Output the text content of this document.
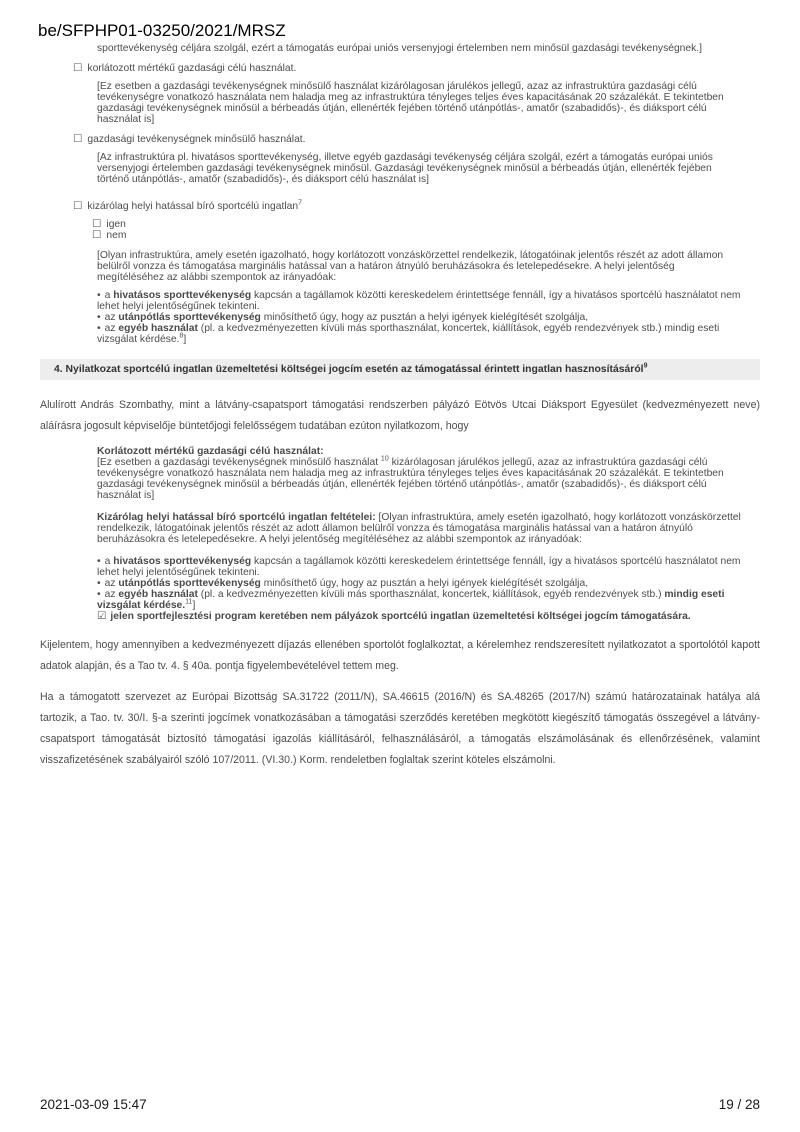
be/SFPHP01-03250/2021/MRSZ
sporttevékenység céljára szolgál, ezért a támogatás európai uniós versenyjogi értelemben nem minősül gazdasági tevékenységnek.]
☐ korlátozott mértékű gazdasági célú használat.
[Ez esetben a gazdasági tevékenységnek minősülő használat kizárólagosan járulékos jellegű, azaz az infrastruktúra gazdasági célú tevékenységre vonatkozó használata nem haladja meg az infrastruktúra tényleges teljes éves kapacitásának 20 százalékát. E tekintetben gazdasági tevékenységnek minősül a bérbeadás útján, ellenérték fejében történő utánpótlás-, amatőr (szabadidős)-, és diáksport célú használat is]
☐ gazdasági tevékenységnek minősülő használat.
[Az infrastruktúra pl. hivatásos sporttevékenység, illetve egyéb gazdasági tevékenység céljára szolgál, ezért a támogatás európai uniós versenyjogi értelemben gazdasági tevékenységnek minősül. Gazdasági tevékenységnek minősül a bérbeadás útján, ellenérték fejében történő utánpótlás-, amatőr (szabadidős)-, és diáksport célú használat is]
☐ kizárólag helyi hatással bíró sportcélú ingatlan$^7$
☐ igen
☐ nem
[Olyan infrastruktúra, amely esetén igazolható, hogy korlátozott vonzáskörzettel rendelkezik, látogatóinak jelentős részét az adott államon belülről vonzza és támogatása marginális hatással van a határon átnyúló beruházásokra és letelepedésekre. A helyi jelentőség megítéléséhez az alábbi szempontok az irányadóak:
• a hivatásos sporttevékenység kapcsán a tagállamok közötti kereskedelem érintettsége fennáll, így a hivatásos sportcélú használatot nem lehet helyi jelentőségűnek tekinteni.
• az utánpótlás sporttevékenység minősíthető úgy, hogy az pusztán a helyi igények kielégítését szolgálja,
• az egyéb használat (pl. a kedvezményezetten kívüli más sporthasználat, koncertek, kiállítások, egyéb rendezvények stb.) mindig eseti vizsgálat kérdése.$^8$]
4. Nyilatkozat sportcélú ingatlan üzemeltetési költségei jogcím esetén az támogatással érintett ingatlan hasznosításáról$^9$
Alulírott András Szombathy, mint a látvány-csapatsport támogatási rendszerben pályázó Eötvös Utcai Diáksport Egyesület (kedvezményezett neve) aláírásra jogosult képviselője büntetőjogi felelősségem tudatában ezúton nyilatkozom, hogy
Korlátozott mértékű gazdasági célú használat:
[Ez esetben a gazdasági tevékenységnek minősülő használat $^{10}$ kizárólagosan járulékos jellegű, azaz az infrastruktúra gazdasági célú tevékenységre vonatkozó használata nem haladja meg az infrastruktúra tényleges teljes éves kapacitásának 20 százalékát. E tekintetben gazdasági tevékenységnek minősül a bérbeadás útján, ellenérték fejében történő utánpótlás-, amatőr (szabadidős)-, és diáksport célú használat is]
Kizárólag helyi hatással bíró sportcélú ingatlan feltételei: [Olyan infrastruktúra, amely esetén igazolható, hogy korlátozott vonzáskörzettel rendelkezik, látogatóinak jelentős részét az adott államon belülről vonzza és támogatása marginális hatással van a határon átnyúló beruházásokra és letelepedésekre. A helyi jelentőség megítéléséhez az alábbi szempontok az irányadóak:
• a hivatásos sporttevékenység kapcsán a tagállamok közötti kereskedelem érintettsége fennáll, így a hivatásos sportcélú használatot nem lehet helyi jelentőségűnek tekinteni.
• az utánpótlás sporttevékenység minősíthető úgy, hogy az pusztán a helyi igények kielégítését szolgálja,
• az egyéb használat (pl. a kedvezményezetten kívüli más sporthasználat, koncertek, kiállítások, egyéb rendezvények stb.) mindig eseti vizsgálat kérdése.$^{11}$]
☑ jelen sportfejlesztési program keretében nem pályázok sportcélú ingatlan üzemeltetési költségei jogcím támogatására.
Kijelentem, hogy amennyiben a kedvezményezett díjazás ellenében sportolót foglalkoztat, a kérelemhez rendszeresített nyilatkozatot a sportolótól kapott adatok alapján, és a Tao tv. 4. § 40a. pontja figyelembevételével tettem meg.
Ha a támogatott szervezet az Európai Bizottság SA.31722 (2011/N), SA.46615 (2016/N) és SA.48265 (2017/N) számú határozatainak hatálya alá tartozik, a Tao. tv. 30/I. §-a szerinti jogcímek vonatkozásában a támogatási szerződés keretében megkötött kiegészítő támogatás összegével a látvány-csapatsport támogatását biztosító támogatási igazolás kiállításáról, felhasználásáról, a támogatás elszámolásának és ellenőrzésének, valamint visszafizetésének szabályairól szóló 107/2011. (VI.30.) Korm. rendeletben foglaltak szerint köteles elszámolni.
2021-03-09 15:47	19 / 28
